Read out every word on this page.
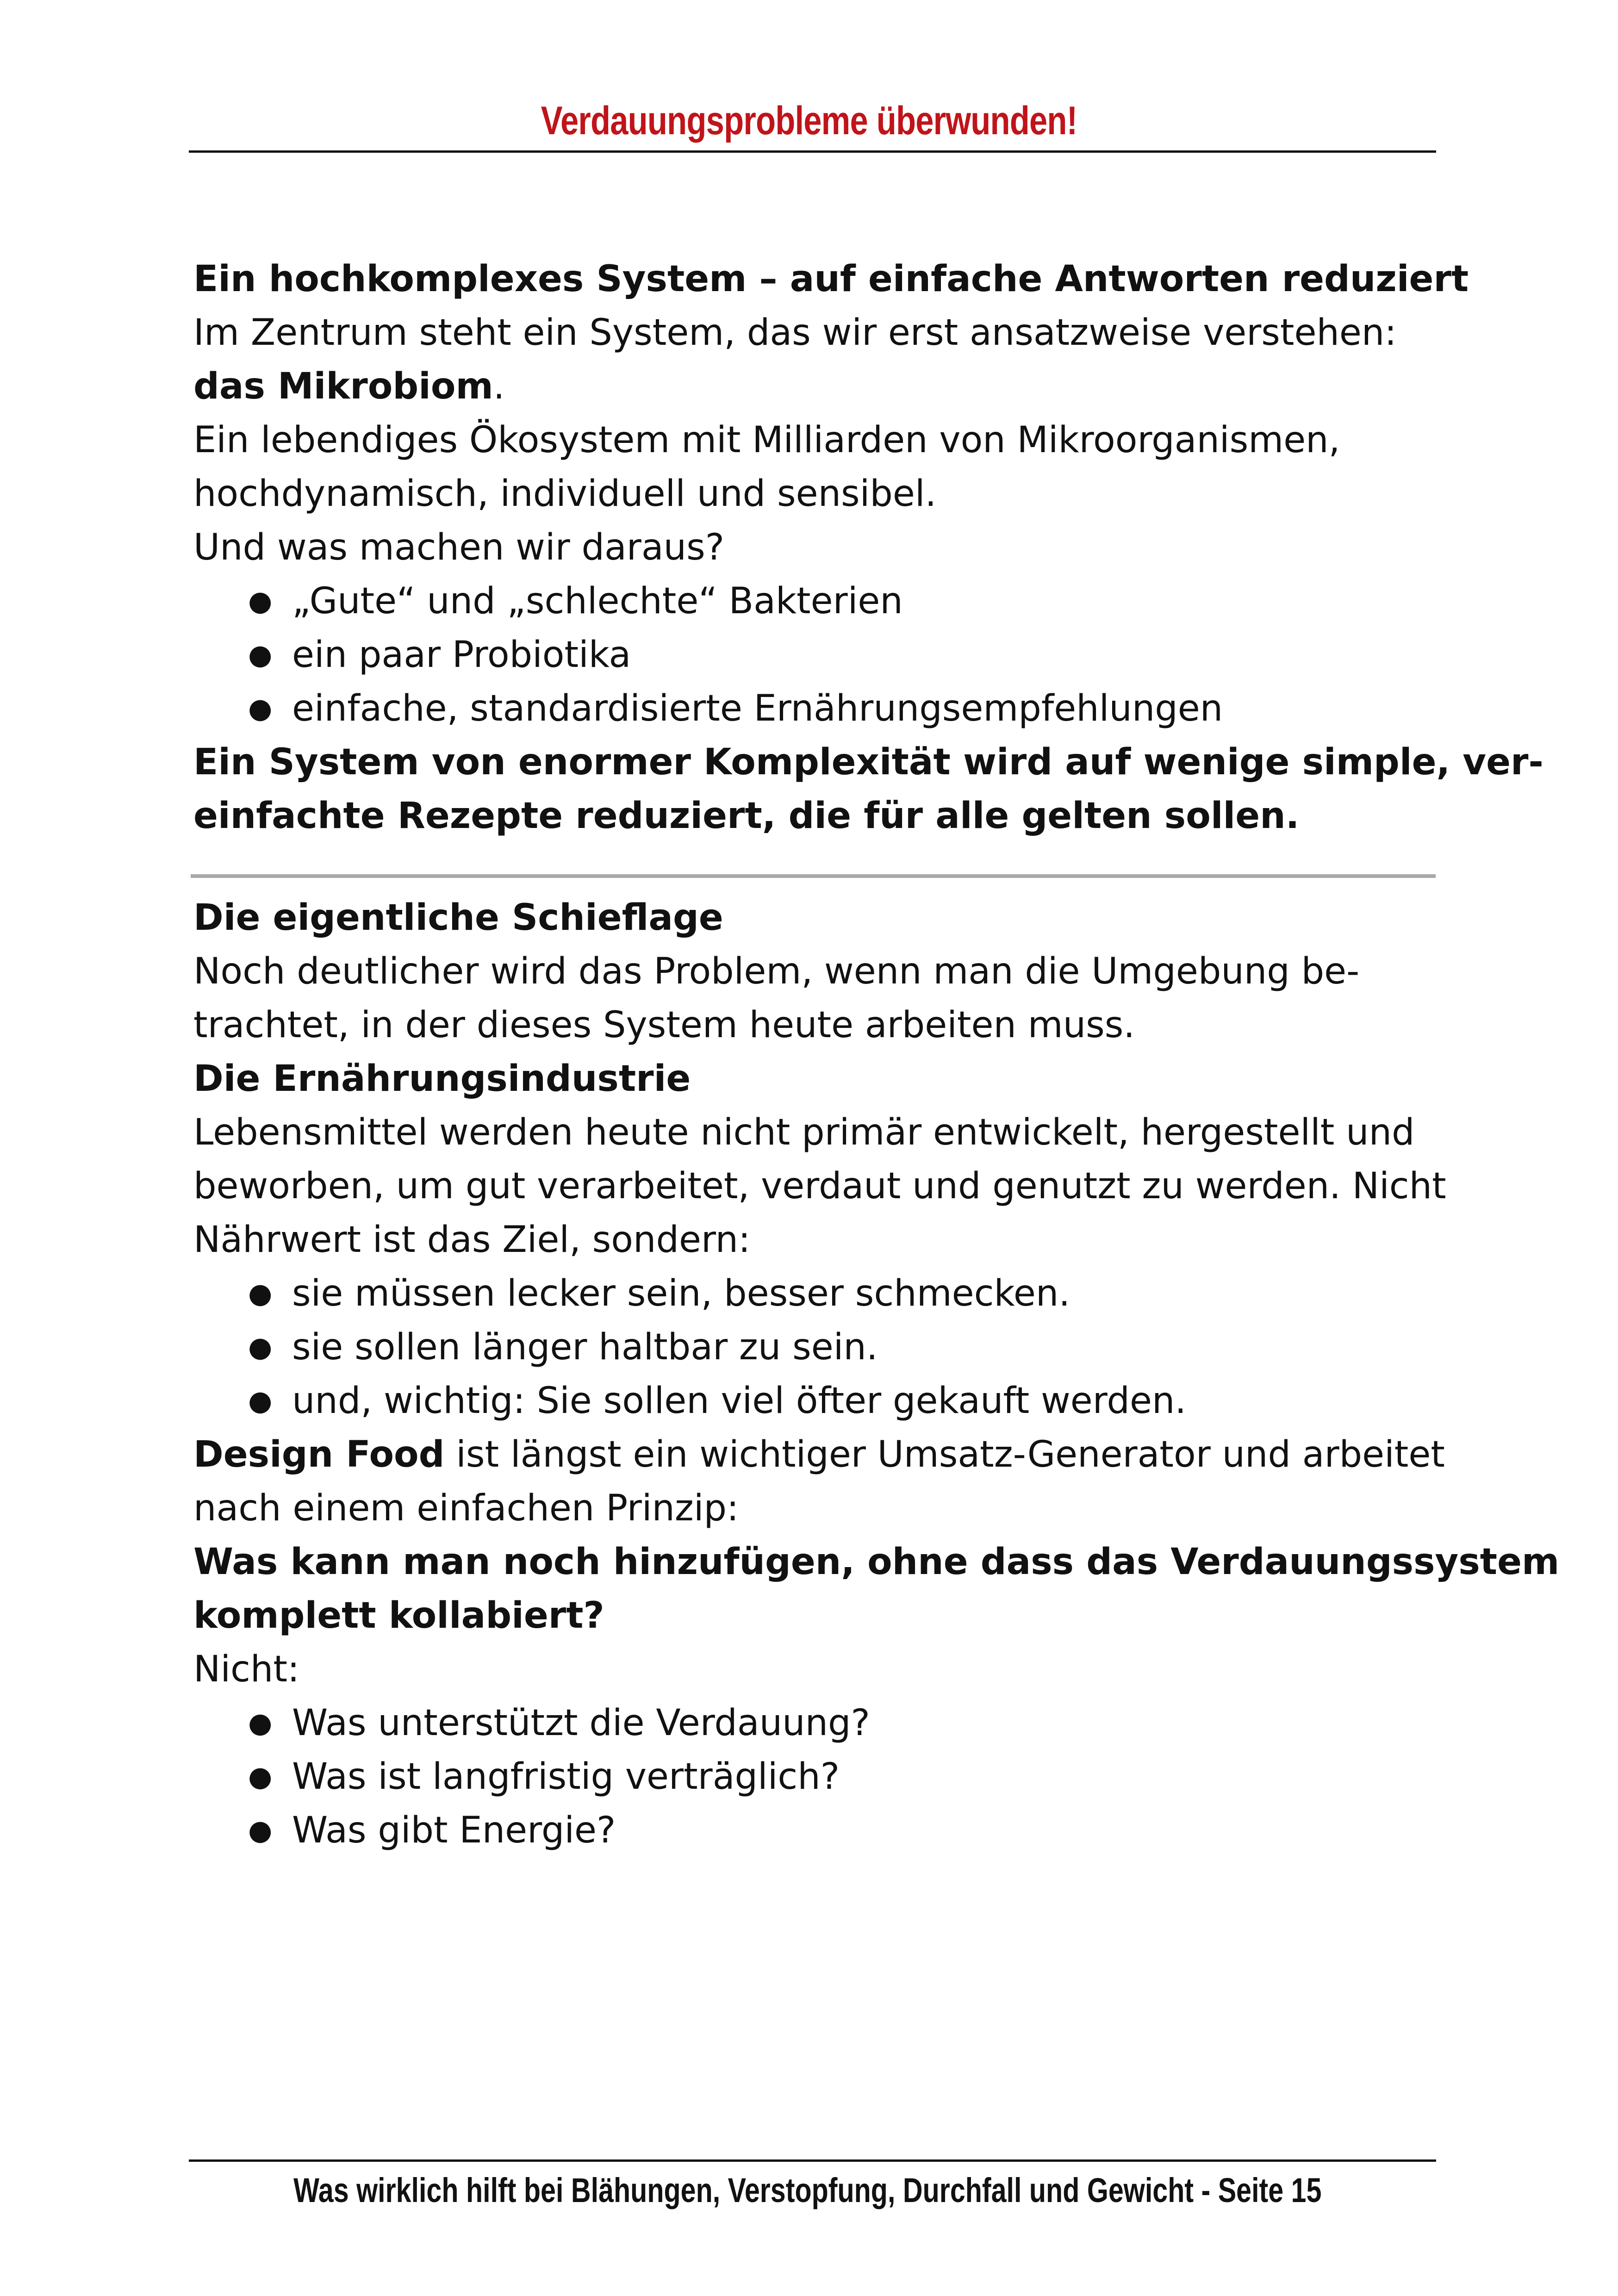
Verdauungsprobleme überwunden!
Ein hochkomplexes System – auf einfache Antworten reduziert
Im Zentrum steht ein System, das wir erst ansatzweise verstehen:
das Mikrobiom.
Ein lebendiges Ökosystem mit Milliarden von Mikroorganismen,
hochdynamisch, individuell und sensibel.
Und was machen wir daraus?
● „Gute“ und „schlechte“ Bakterien
● ein paar Probiotika
● einfache, standardisierte Ernährungsempfehlungen
Ein System von enormer Komplexität wird auf wenige simple, ver-
einfachte Rezepte reduziert, die für alle gelten sollen.
Die eigentliche Schieflage
Noch deutlicher wird das Problem, wenn man die Umgebung be-
trachtet, in der dieses System heute arbeiten muss.
Die Ernährungsindustrie
Lebensmittel werden heute nicht primär entwickelt, hergestellt und
beworben, um gut verarbeitet, verdaut und genutzt zu werden. Nicht
Nährwert ist das Ziel, sondern:
● sie müssen lecker sein, besser schmecken.
● sie sollen länger haltbar zu sein.
● und, wichtig: Sie sollen viel öfter gekauft werden.
Design Food ist längst ein wichtiger Umsatz-Generator und arbeitet
nach einem einfachen Prinzip:
Was kann man noch hinzufügen, ohne dass das Verdauungssystem
komplett kollabiert?
Nicht:
● Was unterstützt die Verdauung?
● Was ist langfristig verträglich?
● Was gibt Energie?
Was wirklich hilft bei Blähungen, Verstopfung, Durchfall und Gewicht - Seite 15
